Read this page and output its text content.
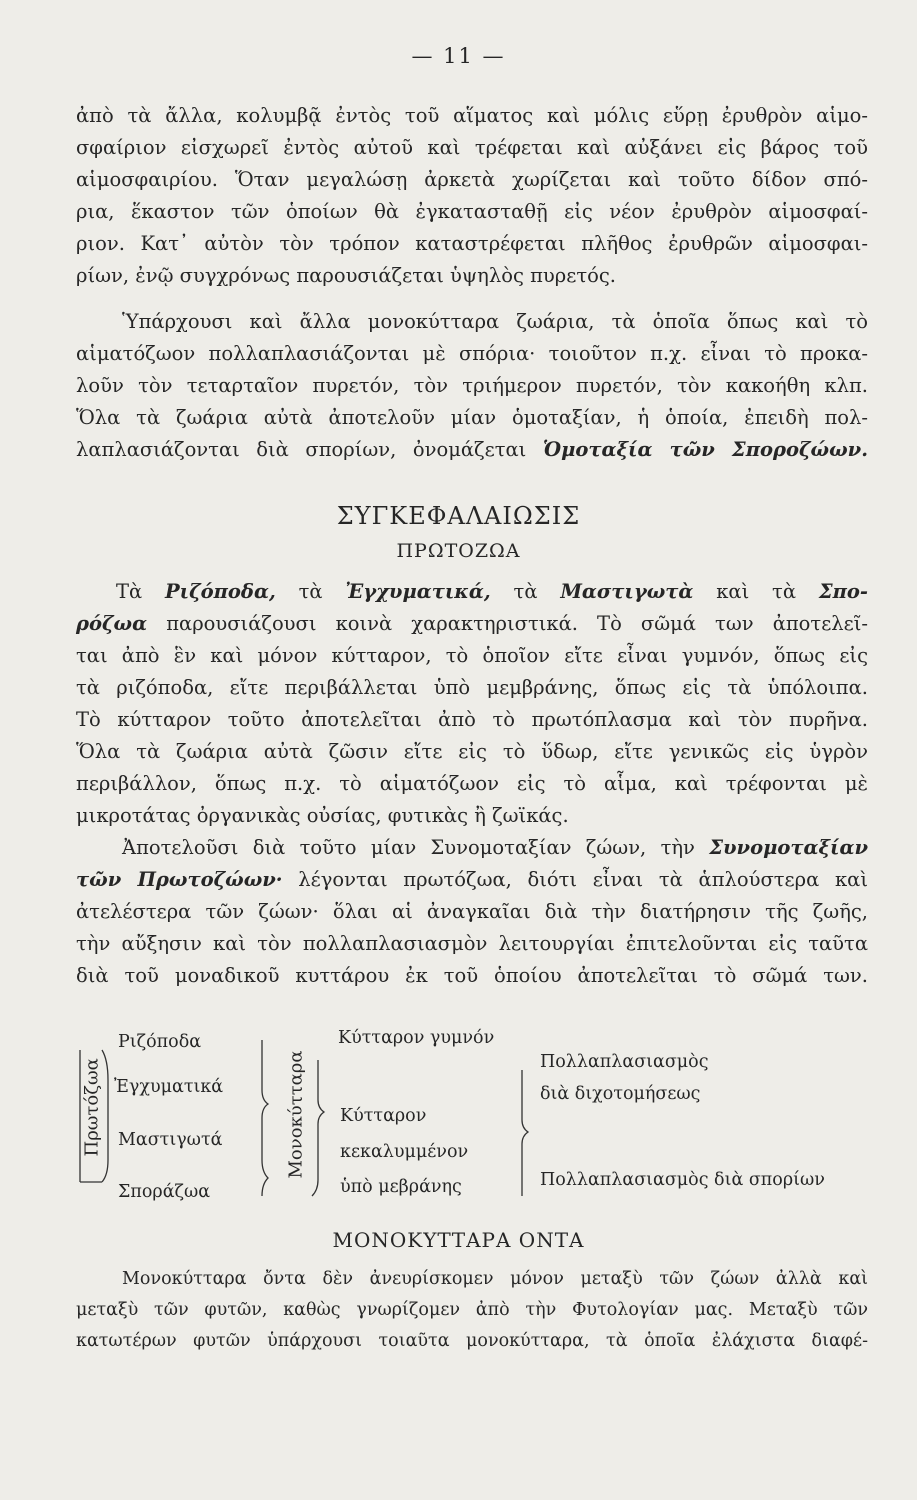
— 11 —
ἀπὸ τὰ ἄλλα, κολυμβᾷ ἐντὸς τοῦ αἵματος καὶ μόλις εὕρῃ ἐρυθρὸν αἱμο-
σφαίριον εἰσχωρεῖ ἐντὸς αὐτοῦ καὶ τρέφεται καὶ αὐξάνει εἰς βάρος τοῦ
αἱμοσφαιρίου. Ὅταν μεγαλώσῃ ἀρκετὰ χωρίζεται καὶ τοῦτο δίδον σπό-
ρια, ἕκαστον τῶν ὁποίων θὰ ἐγκατασταθῇ εἰς νέον ἐρυθρὸν αἱμοσφαί-
ριον. Κατ᾿ αὐτὸν τὸν τρόπον καταστρέφεται πλῆθος ἐρυθρῶν αἱμοσφαι-
ρίων, ἐνῷ συγχρόνως παρουσιάζεται ὑψηλὸς πυρετός.
Ὑπάρχουσι καὶ ἄλλα μονοκύτταρα ζωάρια, τὰ ὁποῖα ὅπως καὶ τὸ
αἱματόζωον πολλαπλασιάζονται μὲ σπόρια· τοιοῦτον π.χ. εἶναι τὸ προκα-
λοῦν τὸν τεταρταῖον πυρετόν, τὸν τριήμερον πυρετόν, τὸν κακοήθη κλπ.
Ὅλα τὰ ζωάρια αὐτὰ ἀποτελοῦν μίαν ὁμοταξίαν, ἡ ὁποία, ἐπειδὴ πολ-
λαπλασιάζονται διὰ σπορίων, ὀνομάζεται Ὁμοταξία τῶν Σποροζώων.
ΣΥΓΚΕΦΑΛΑΙΩΣΙΣ
ΠΡΩΤΟΖΩΑ
Τὰ Ριζόποδα, τὰ Ἐγχυματικά, τὰ Μαστιγωτὰ καὶ τὰ Σπο-
ρόζωα παρουσιάζουσι κοινὰ χαρακτηριστικά. Τὸ σῶμά των ἀποτελεῖ-
ται ἀπὸ ἓν καὶ μόνον κύτταρον, τὸ ὁποῖον εἴτε εἶναι γυμνόν, ὅπως εἰς
τὰ ριζόποδα, εἴτε περιβάλλεται ὑπὸ μεμβράνης, ὅπως εἰς τὰ ὑπόλοιπα.
Τὸ κύτταρον τοῦτο ἀποτελεῖται ἀπὸ τὸ πρωτόπλασμα καὶ τὸν πυρῆνα.
Ὅλα τὰ ζωάρια αὐτὰ ζῶσιν εἴτε εἰς τὸ ὕδωρ, εἴτε γενικῶς εἰς ὑγρὸν
περιβάλλον, ὅπως π.χ. τὸ αἱματόζωον εἰς τὸ αἷμα, καὶ τρέφονται μὲ
μικροτάτας ὀργανικὰς οὐσίας, φυτικὰς ἢ ζωϊκάς.
Ἀποτελοῦσι διὰ τοῦτο μίαν Συνομοταξίαν ζώων, τὴν Συνομοταξίαν
τῶν Πρωτοζώων· λέγονται πρωτόζωα, διότι εἶναι τὰ ἁπλούστερα καὶ
ἀτελέστερα τῶν ζώων· ὅλαι αἱ ἀναγκαῖαι διὰ τὴν διατήρησιν τῆς ζωῆς,
τὴν αὔξησιν καὶ τὸν πολλαπλασιασμὸν λειτουργίαι ἐπιτελοῦνται εἰς ταῦτα
διὰ τοῦ μοναδικοῦ κυττάρου ἐκ τοῦ ὁποίου ἀποτελεῖται τὸ σῶμά των.
Πρωτόζωα
Ριζόποδα
Ἐγχυματικά
Μαστιγωτά
Σποράζωα
Μονοκύτταρα
Κύτταρον γυμνόν
Κύτταρον
κεκαλυμμένον
ὑπὸ μεβράνης
Πολλαπλασιασμὸς
διὰ διχοτομήσεως
Πολλαπλασιασμὸς διὰ σπορίων
ΜΟΝΟΚΥΤΤΑΡΑ ΟΝΤΑ
Μονοκύτταρα ὄντα δὲν ἀνευρίσκομεν μόνον μεταξὺ τῶν ζώων ἀλλὰ καὶ
μεταξὺ τῶν φυτῶν, καθὼς γνωρίζομεν ἀπὸ τὴν Φυτολογίαν μας. Μεταξὺ τῶν
κατωτέρων φυτῶν ὑπάρχουσι τοιαῦτα μονοκύτταρα, τὰ ὁποῖα ἐλάχιστα διαφέ-
